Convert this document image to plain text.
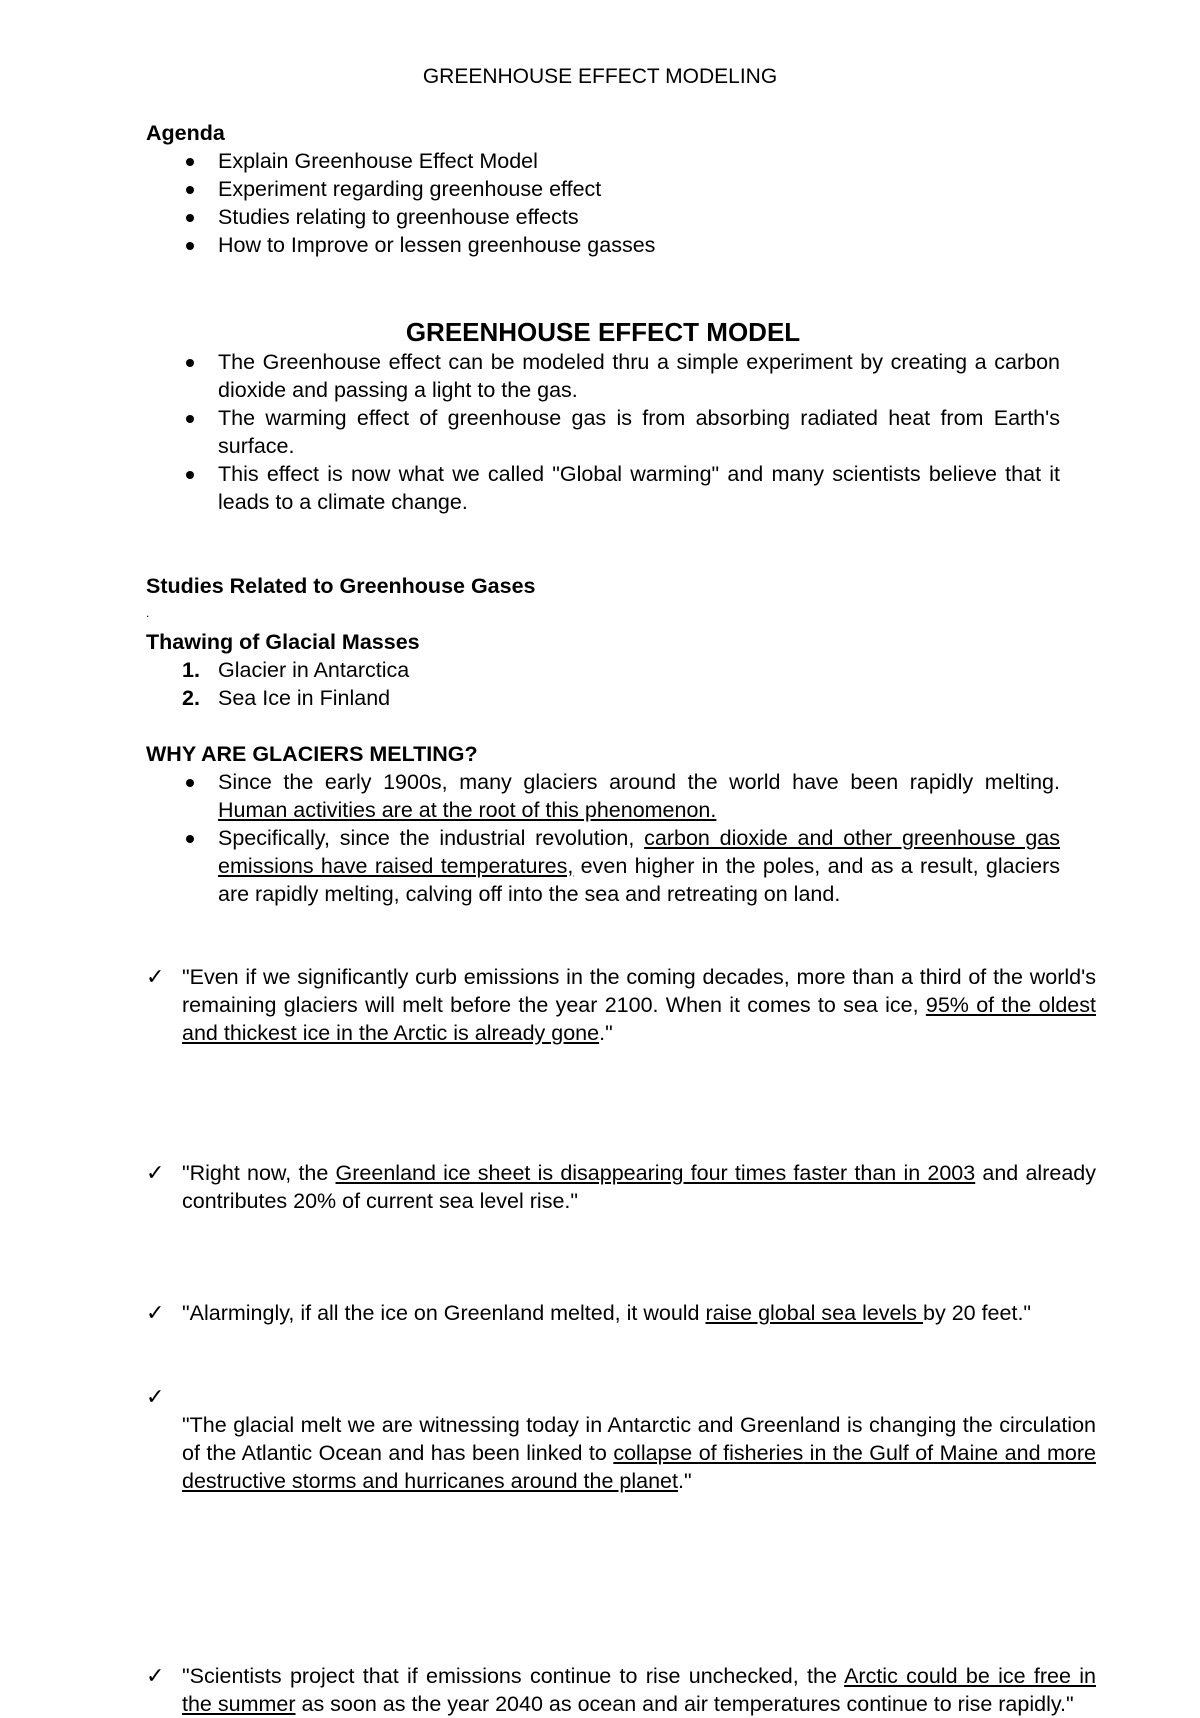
GREENHOUSE EFFECT MODELING
Agenda
Explain Greenhouse Effect Model
Experiment regarding greenhouse effect
Studies relating to greenhouse effects
How to Improve or lessen greenhouse gasses
GREENHOUSE EFFECT MODEL
The Greenhouse effect can be modeled thru a simple experiment by creating a carbon dioxide and passing a light to the gas.
The warming effect of greenhouse gas is from absorbing radiated heat from Earth's surface.
This effect is now what we called "Global warming" and many scientists believe that it leads to a climate change.
Studies Related to Greenhouse Gases
.
Thawing of Glacial Masses
1. Glacier in Antarctica
2. Sea Ice in Finland
WHY ARE GLACIERS MELTING?
Since the early 1900s, many glaciers around the world have been rapidly melting. Human activities are at the root of this phenomenon.
Specifically, since the industrial revolution, carbon dioxide and other greenhouse gas emissions have raised temperatures, even higher in the poles, and as a result, glaciers are rapidly melting, calving off into the sea and retreating on land.
✓ "Even if we significantly curb emissions in the coming decades, more than a third of the world's remaining glaciers will melt before the year 2100. When it comes to sea ice, 95% of the oldest and thickest ice in the Arctic is already gone."
✓ "Right now, the Greenland ice sheet is disappearing four times faster than in 2003 and already contributes 20% of current sea level rise."
✓ "Alarmingly, if all the ice on Greenland melted, it would raise global sea levels by 20 feet."
✓
"The glacial melt we are witnessing today in Antarctic and Greenland is changing the circulation of the Atlantic Ocean and has been linked to collapse of fisheries in the Gulf of Maine and more destructive storms and hurricanes around the planet."
✓ "Scientists project that if emissions continue to rise unchecked, the Arctic could be ice free in the summer as soon as the year 2040 as ocean and air temperatures continue to rise rapidly."
